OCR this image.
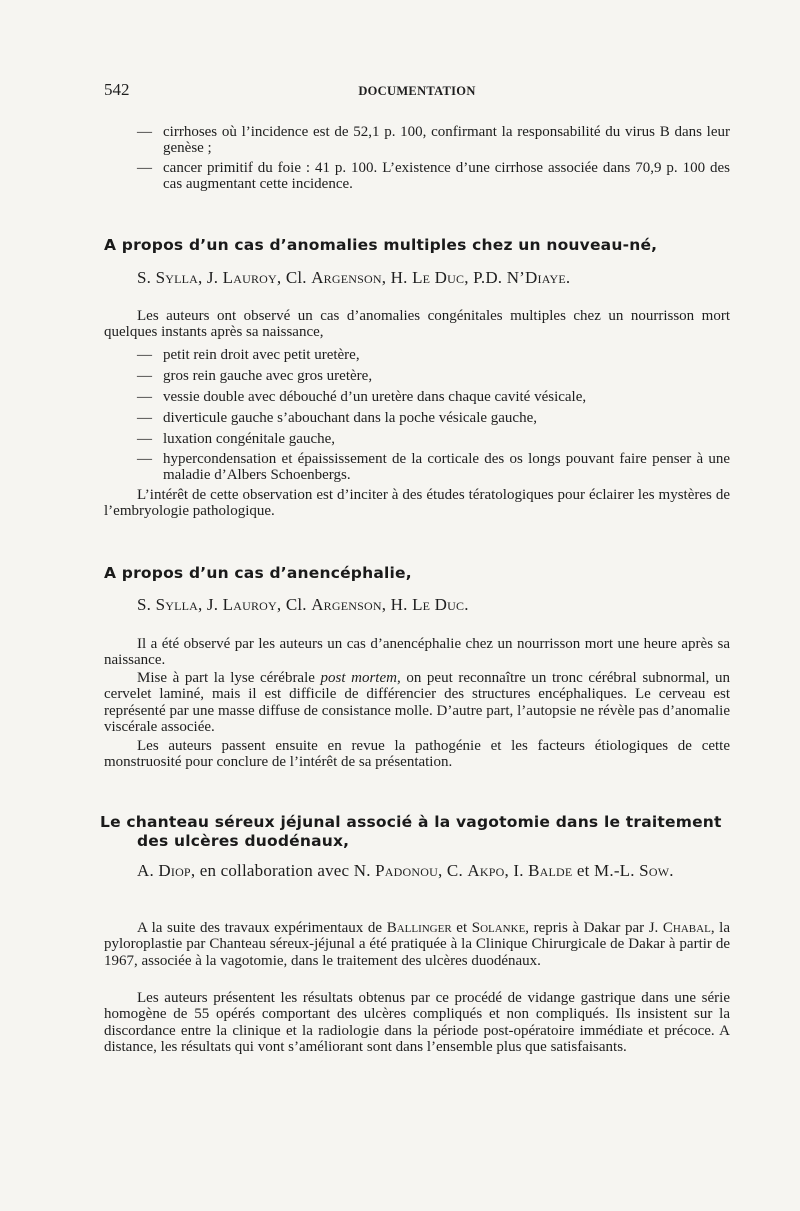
542	DOCUMENTATION
— cirrhoses où l’incidence est de 52,1 p. 100, confirmant la responsabilité du virus B dans leur genèse ;
— cancer primitif du foie : 41 p. 100. L’existence d’une cirrhose associée dans 70,9 p. 100 des cas augmentant cette incidence.
A propos d’un cas d’anomalies multiples chez un nouveau-né,
S. Sylla, J. Lauroy, Cl. Argenson, H. Le Duc, P.D. N’Diaye.
Les auteurs ont observé un cas d’anomalies congénitales multiples chez un nourrisson mort quelques instants après sa naissance,
— petit rein droit avec petit uretère,
— gros rein gauche avec gros uretère,
— vessie double avec débouché d’un uretère dans chaque cavité vésicale,
— diverticule gauche s’abouchant dans la poche vésicale gauche,
— luxation congénitale gauche,
— hypercondensation et épaississement de la corticale des os longs pouvant faire penser à une maladie d’Albers Schoenbergs.
L’intérêt de cette observation est d’inciter à des études tératologiques pour éclairer les mystères de l’embryologie pathologique.
A propos d’un cas d’anencéphalie,
S. Sylla, J. Lauroy, Cl. Argenson, H. Le Duc.
Il a été observé par les auteurs un cas d’anencéphalie chez un nourrisson mort une heure après sa naissance.
Mise à part la lyse cérébrale post mortem, on peut reconnaître un tronc cérébral subnormal, un cervelet laminé, mais il est difficile de différencier des structures encéphaliques. Le cerveau est représenté par une masse diffuse de consistance molle. D’autre part, l’autopsie ne révèle pas d’anomalie viscérale associée.
Les auteurs passent ensuite en revue la pathogénie et les facteurs étiologiques de cette monstruosité pour conclure de l’intérêt de sa présentation.
Le chanteau séreux jéjunal associé à la vagotomie dans le traitement
des ulcères duodénaux,
A. Diop, en collaboration avec N. Padonou, C. Akpo, I. Balde et M.-L. Sow.
A la suite des travaux expérimentaux de Ballinger et Solanke, repris à Dakar par J. Chabal, la pyloroplastie par Chanteau séreux-jéjunal a été pratiquée à la Clinique Chirurgicale de Dakar à partir de 1967, associée à la vagotomie, dans le traitement des ulcères duodénaux.
Les auteurs présentent les résultats obtenus par ce procédé de vidange gastrique dans une série homogène de 55 opérés comportant des ulcères compliqués et non compliqués. Ils insistent sur la discordance entre la clinique et la radiologie dans la période post-opératoire immédiate et précoce. A distance, les résultats qui vont s’améliorant sont dans l’ensemble plus que satisfaisants.
